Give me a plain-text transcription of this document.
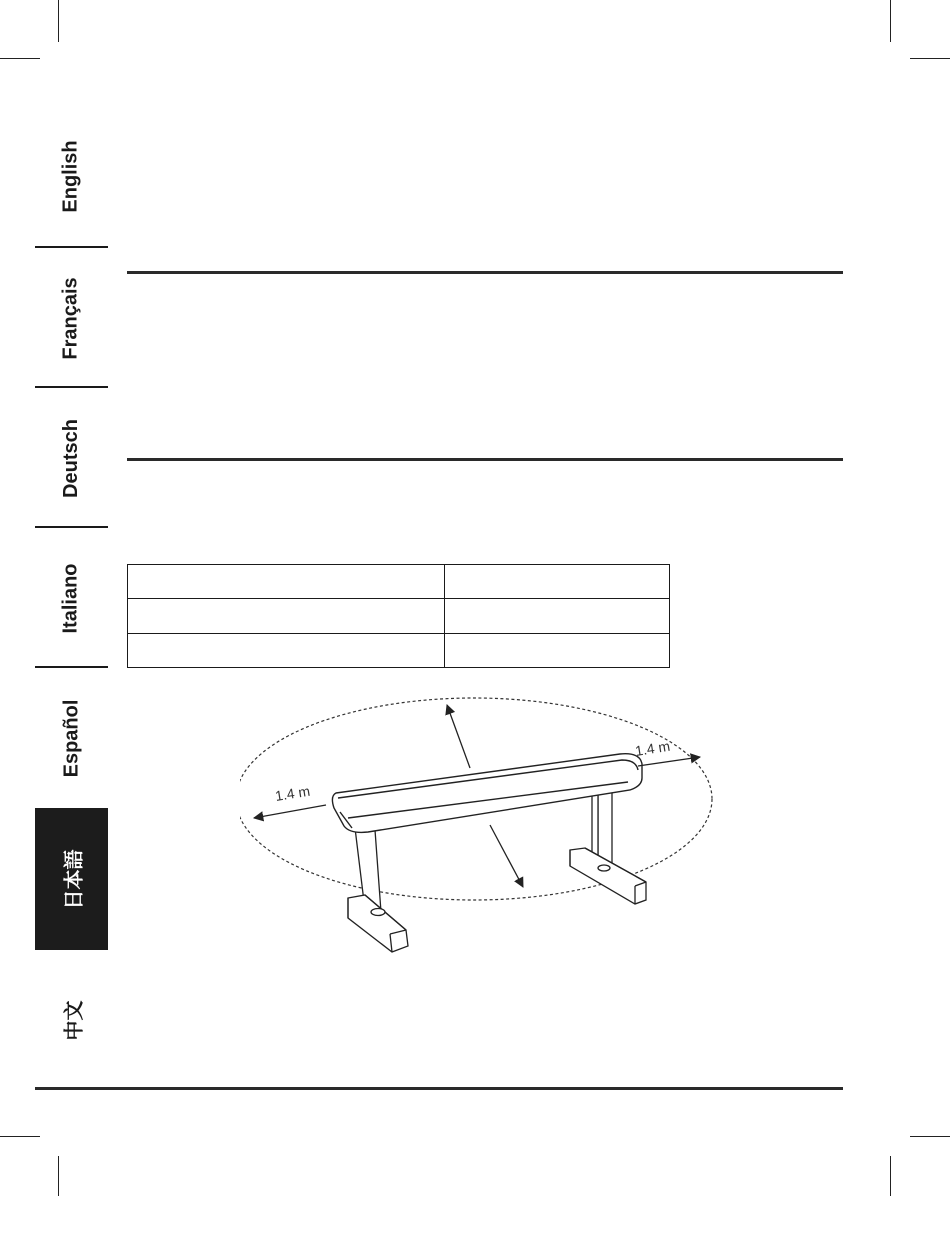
English
Français
Deutsch
Italiano
Español
日本語
中文

1.4 m
1.4 m
